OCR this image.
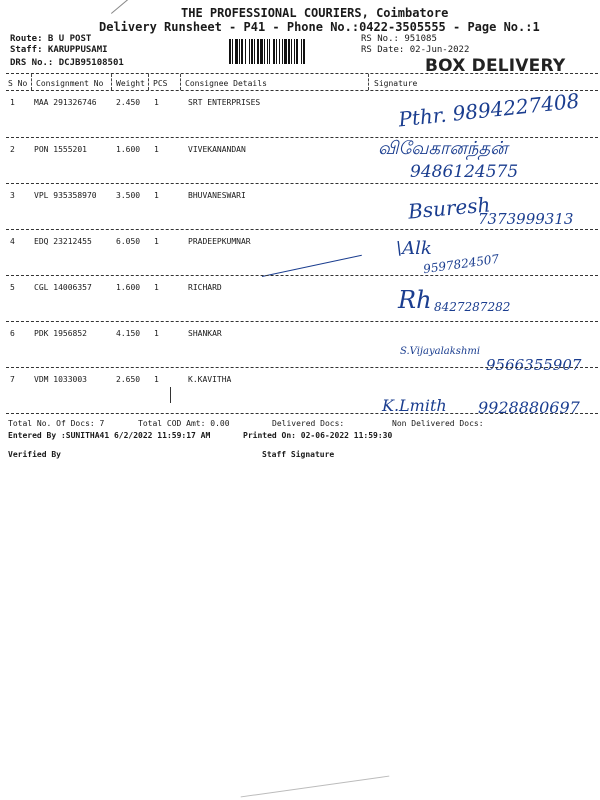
THE PROFESSIONAL COURIERS, Coimbatore
Delivery Runsheet - P41 - Phone No.:0422-3505555 - Page No.:1
Route: B U POST
Staff: KARUPPUSAMI
DRS No.: DCJB95108501
RS No.: 951085
RS Date: 02-Jun-2022
BOX DELIVERY
S No Consignment No Weight PCS Consignee Details	Signature
1 MAA 291326746 2.450 1	SRT ENTERPRISES	Pthr. 9894227408
2 PON 1555201	1.600 1	VIVEKANANDAN	விவேகானந்தன்
9486124575
3 VPL 935358970 3.500 1	BHUVANESWARI	Bsuresh
7373999313
4 EDQ 23212455	6.050 1	PRADEEPKUMNAR	\Alk
9597824507
5 CGL 14006357	1.600 1	RICHARD	Rh 8427287282
6 PDK 1956852	4.150 1	SHANKAR
S.Vijayalakshmi
9566355907
7 VDM 1033003	2.650 1	K.KAVITHA
K.Lmith 9928880697
Total No. Of Docs: 7	Total COD Amt: 0.00	Delivered Docs:	Non Delivered Docs:
Entered By :SUNITHA41 6/2/2022 11:59:17 AM	Printed On: 02-06-2022 11:59:30
Verified By	Staff Signature
